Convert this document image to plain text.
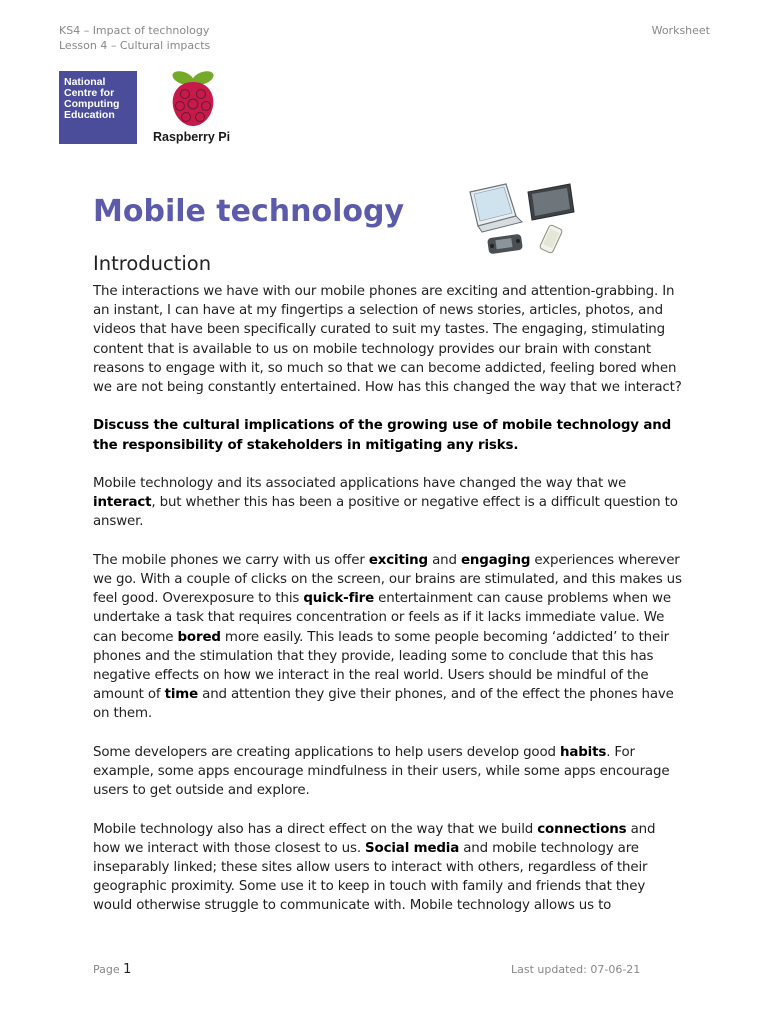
KS4 – Impact of technology
Lesson 4 – Cultural impacts
Worksheet
National
Centre for
Computing
Education
Raspberry Pi
Mobile technology
Introduction

The interactions we have with our mobile phones are exciting and attention-grabbing. In an instant, I can have at my fingertips a selection of news stories, articles, photos, and videos that have been specifically curated to suit my tastes. The engaging, stimulating content that is available to us on mobile technology provides our brain with constant reasons to engage with it, so much so that we can become addicted, feeling bored when we are not being constantly entertained. How has this changed the way that we interact?

Discuss the cultural implications of the growing use of mobile technology and the responsibility of stakeholders in mitigating any risks.

Mobile technology and its associated applications have changed the way that we interact, but whether this has been a positive or negative effect is a difficult question to answer.

The mobile phones we carry with us offer exciting and engaging experiences wherever we go. With a couple of clicks on the screen, our brains are stimulated, and this makes us feel good. Overexposure to this quick-fire entertainment can cause problems when we undertake a task that requires concentration or feels as if it lacks immediate value. We can become bored more easily. This leads to some people becoming ‘addicted’ to their phones and the stimulation that they provide, leading some to conclude that this has negative effects on how we interact in the real world. Users should be mindful of the amount of time and attention they give their phones, and of the effect the phones have on them.

Some developers are creating applications to help users develop good habits. For example, some apps encourage mindfulness in their users, while some apps encourage users to get outside and explore.

Mobile technology also has a direct effect on the way that we build connections and how we interact with those closest to us. Social media and mobile technology are inseparably linked; these sites allow users to interact with others, regardless of their geographic proximity. Some use it to keep in touch with family and friends that they would otherwise struggle to communicate with. Mobile technology allows us to

Page 1	Last updated: 07-06-21
